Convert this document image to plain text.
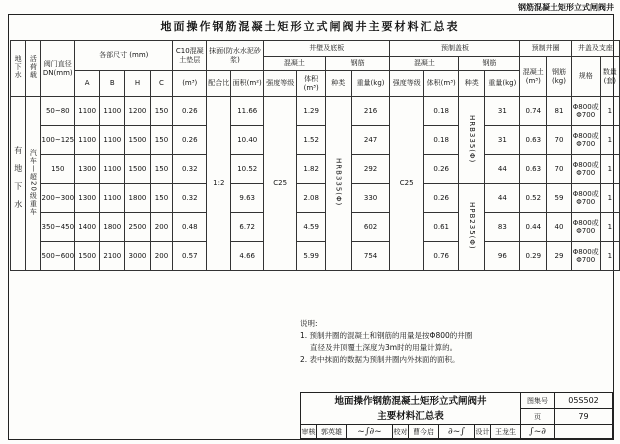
钢筋混凝土矩形立式闸阀井
地面操作钢筋混凝土矩形立式闸阀井主要材料汇总表
地下水	活荷载	阀门直径DN(mm)	各部尺寸 (mm)				C10混凝土垫层	抹面(防水水泥砂浆)		井壁及底板				预制盖板				预制井圈		井盖及支座	
										混凝土		钢筋		混凝土		钢筋		混凝土(m³)	钢筋(kg)	规格	数量(套)
			A	B	H	C	(m³)	配合比	面积(m²)	强度等级	体积(m³)	种类	重量(kg)	强度等级	体积(m³)	种类	重量(kg)				
有地下水	汽车—超20级重车	50~80	1100	1100	1200	150	0.26	1:2	11.66	C25	1.29	HRB335(Φ)	216	C25	0.18	HRB335(Φ)	31	0.74	81	Φ800或Φ700	1
		100~125	1100	1100	1500	150	0.26		10.40		1.52		247		0.18		31	0.63	70	Φ800或Φ700	1
		150	1300	1100	1500	150	0.32		10.52		1.82		292		0.26		44	0.63	70	Φ800或Φ700	1
		200~300	1300	1100	1800	150	0.32		9.63		2.08		330		0.26	HPB235(Φ)	44	0.52	59	Φ800或Φ700	1
		350~450	1400	1800	2500	200	0.48		6.72		4.59		602		0.61		83	0.44	40	Φ800或Φ700	1
		500~600	1500	2100	3000	200	0.57		4.66		5.99		754		0.76		96	0.29	29	Φ800或Φ700	1
说明:
1. 预制井圈的混凝土和钢筋的用量是按Φ800的井圈
直径及井顶覆土深度为3m时的用量计算的。
2. 表中抹面的数据为预制井圈内外抹面的面积。
地面操作钢筋混凝土矩形立式闸阀井
主要材料汇总表
图集号	05S502
页	79
审核 郭英雄	~∫∂~ 校对 曹今启	∂~∫ 设计 王龙生	∫~∂
